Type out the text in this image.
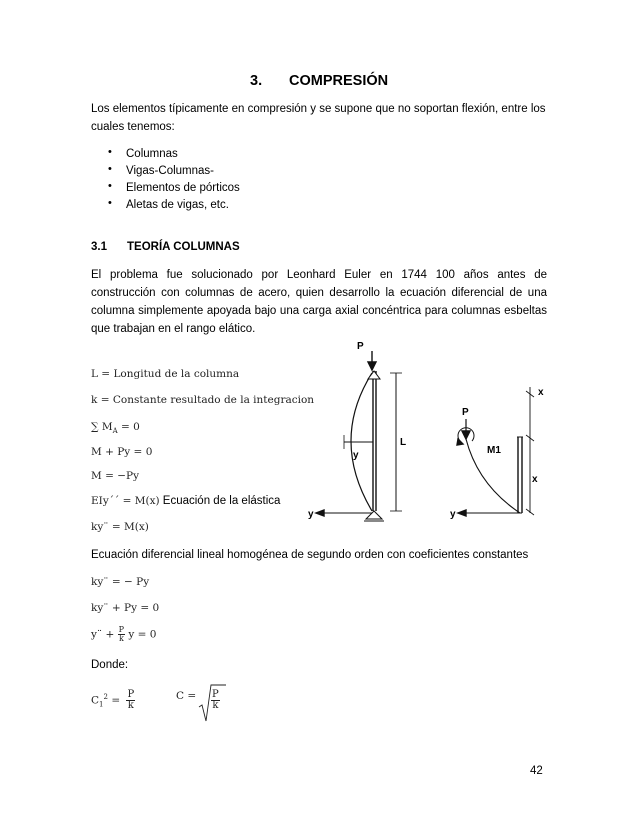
3. COMPRESIÓN
Los elementos típicamente en compresión y se supone que no soportan flexión, entre los cuales tenemos:
• Columnas
• Vigas-Columnas-
• Elementos de pórticos
• Aletas de vigas, etc.
3.1 TEORÍA COLUMNAS
El problema fue solucionado por Leonhard Euler en 1744 100 años antes de construcción con columnas de acero, quien desarrollo la ecuación diferencial de una columna simplemente apoyada bajo una carga axial concéntrica para columnas esbeltas que trabajan en el rango elático.
L = Longitud de la columna
k = Constante resultado de la integracion
∑ $M_A = 0$
M + Py = 0
M = −Py
EIy´´ = M(x) Ecuación de la elástica
ky¨ = M(x)
Ecuación diferencial lineal homogénea de segundo orden con coeficientes constantes
ky¨ = − Py
ky¨ + Py = 0
y¨ + $\frac{P}{k}$ y = 0
Donde:
$C_1^2 = \frac{P}{k}$	$C = \frac{P}{k}$
P
L
y
y
P
M1
x
x
y
42
